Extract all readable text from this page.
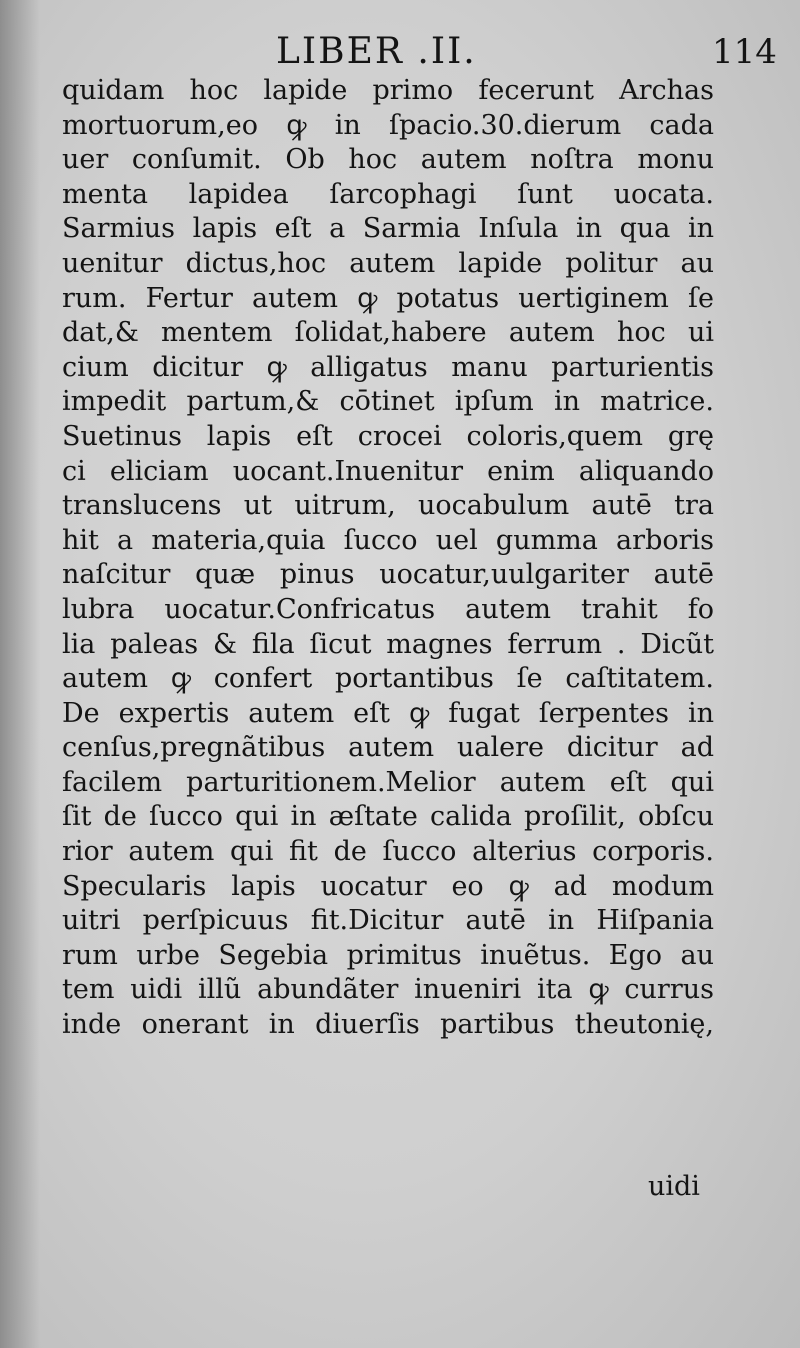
LIBER .II.	114
quidam hoc lapide primo fecerunt Archas
mortuorum,eo ꝙ in ſpacio.30.dierum cada
uer conſumit. Ob hoc autem noſtra monu
menta lapidea ſarcophagi ſunt uocata.
Sarmius lapis eſt a Sarmia Inſula in qua in
uenitur dictus,hoc autem lapide politur au
rum. Fertur autem ꝙ potatus uertiginem ſe
dat,& mentem ſolidat,habere autem hoc ui
cium dicitur ꝙ alligatus manu parturientis
impedit partum,& cōtinet ipſum in matrice.
Suetinus lapis eſt crocei coloris,quem grę
ci eliciam uocant.Inuenitur enim aliquando
translucens ut uitrum, uocabulum autē tra
hit a materia,quia ſucco uel gumma arboris
naſcitur quæ pinus uocatur,uulgariter autē
lubra uocatur.Confricatus autem trahit fo
lia paleas & fila ſicut magnes ferrum . Dicũt
autem ꝙ confert portantibus ſe caſtitatem.
De expertis autem eſt ꝙ fugat ſerpentes in
cenſus,pregnãtibus autem ualere dicitur ad
facilem parturitionem.Melior autem eſt qui
ſit de ſucco qui in æſtate calida proſilit, obſcu
rior autem qui fit de ſucco alterius corporis.
Specularis lapis uocatur eo ꝙ ad modum
uitri perſpicuus fit.Dicitur autē in Hiſpania
rum urbe Segebia primitus inuẽtus. Ego au
tem uidi illũ abundãter inueniri ita ꝙ currus
inde onerant in diuerſis partibus theutonię,
uidi
